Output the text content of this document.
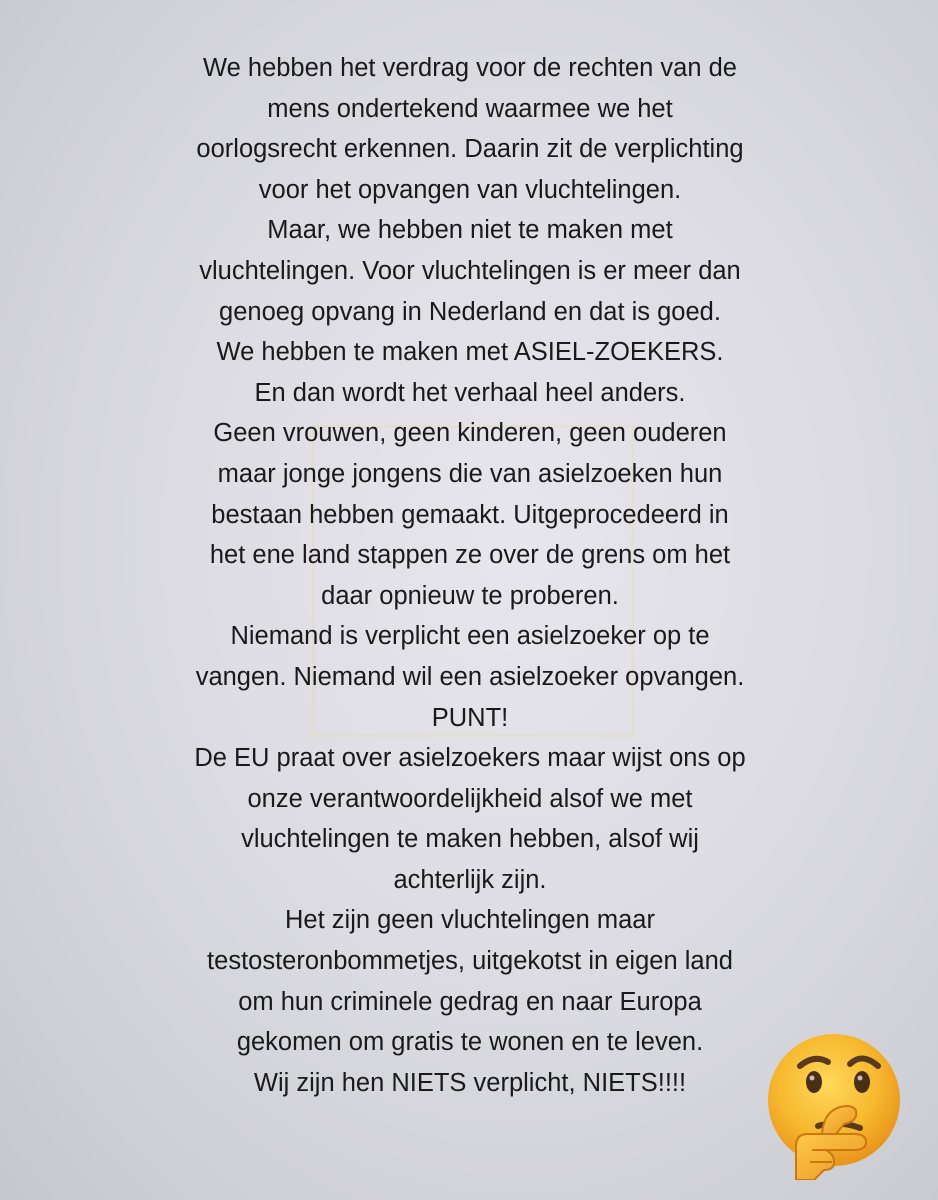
We hebben het verdrag voor de rechten van de
mens ondertekend waarmee we het
oorlogsrecht erkennen. Daarin zit de verplichting
voor het opvangen van vluchtelingen.
Maar, we hebben niet te maken met
vluchtelingen. Voor vluchtelingen is er meer dan
genoeg opvang in Nederland en dat is goed.
We hebben te maken met ASIEL-ZOEKERS.
En dan wordt het verhaal heel anders.
Geen vrouwen, geen kinderen, geen ouderen
maar jonge jongens die van asielzoeken hun
bestaan hebben gemaakt. Uitgeprocedeerd in
het ene land stappen ze over de grens om het
daar opnieuw te proberen.
Niemand is verplicht een asielzoeker op te
vangen. Niemand wil een asielzoeker opvangen.
PUNT!
De EU praat over asielzoekers maar wijst ons op
onze verantwoordelijkheid alsof we met
vluchtelingen te maken hebben, alsof wij
achterlijk zijn.
Het zijn geen vluchtelingen maar
testosteronbommetjes, uitgekotst in eigen land
om hun criminele gedrag en naar Europa
gekomen om gratis te wonen en te leven.
Wij zijn hen NIETS verplicht, NIETS!!!!
